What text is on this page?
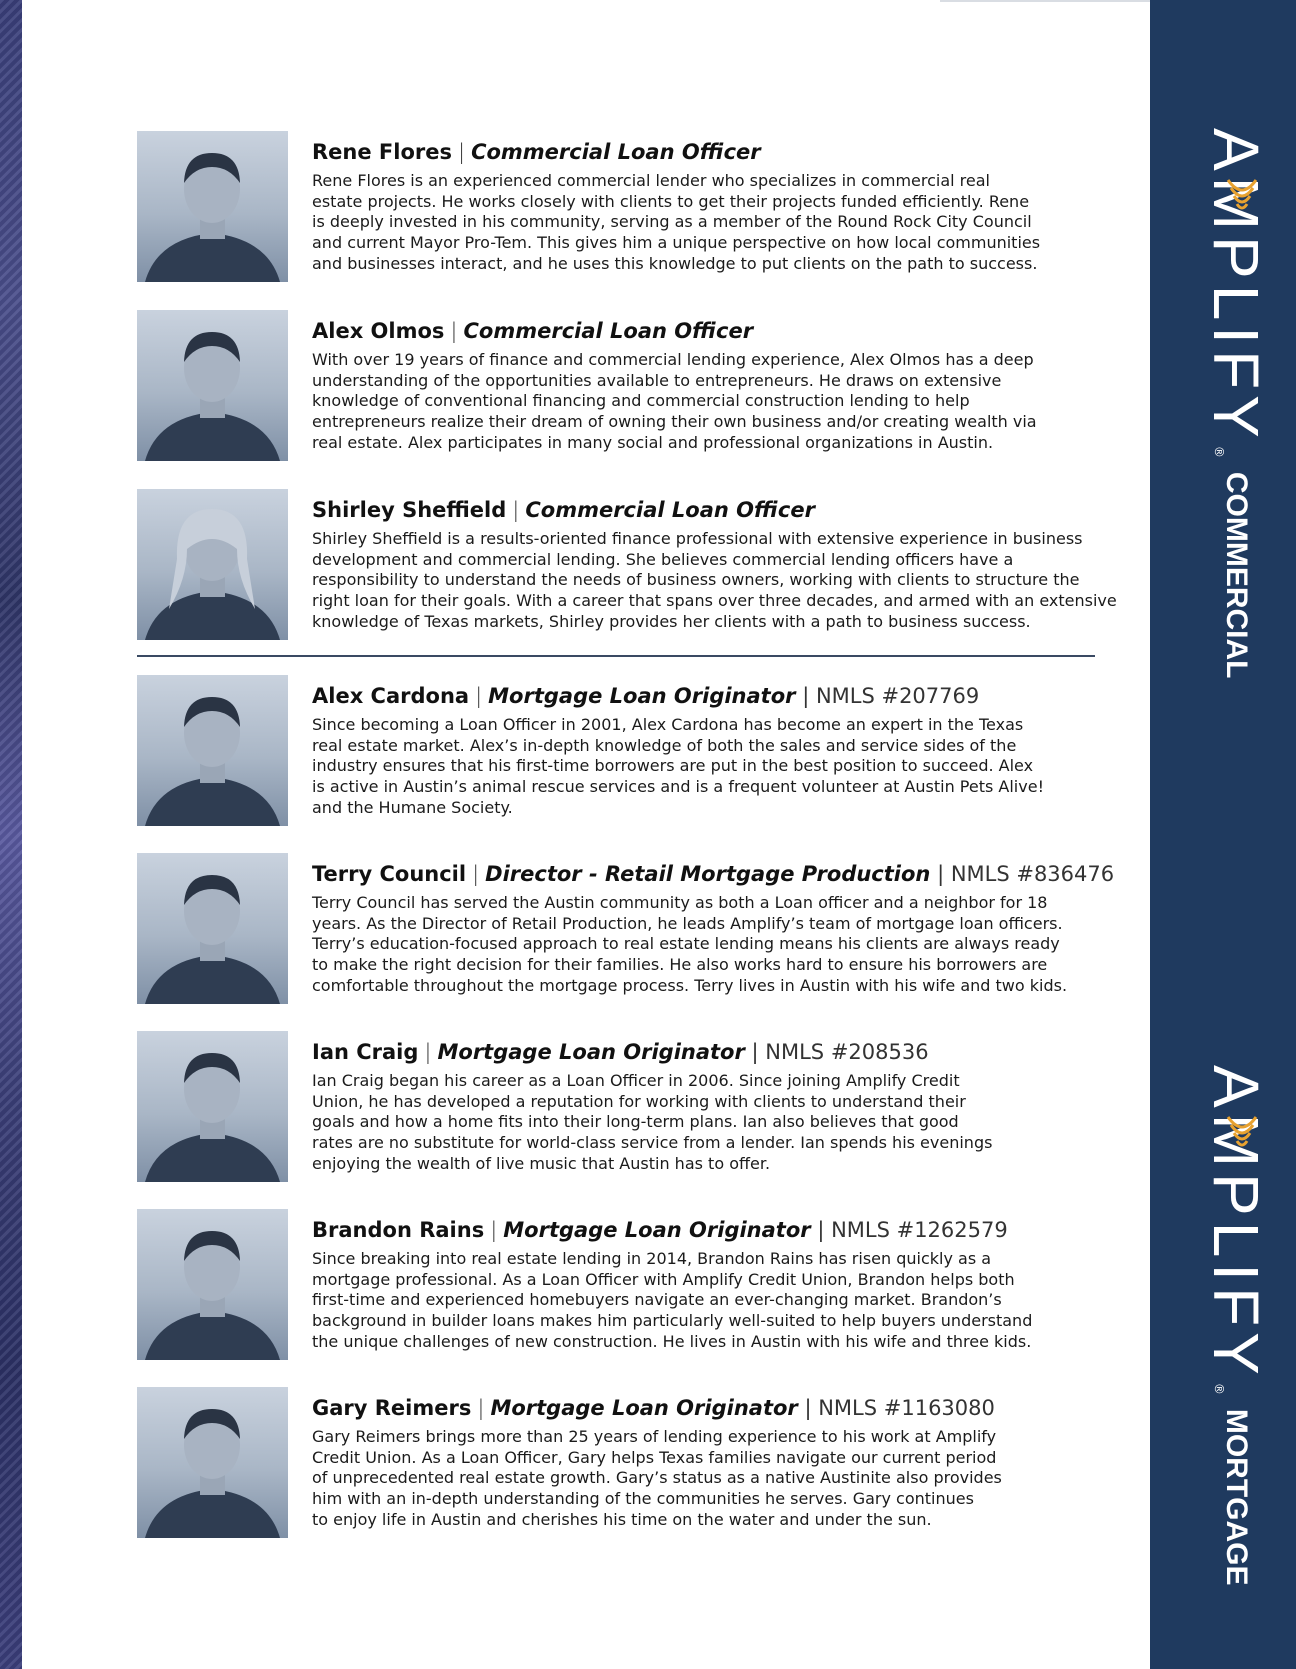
AMPLIFY
®
COMMERCIAL
AMPLIFY
®
MORTGAGE
Rene Flores | Commercial Loan Officer
Rene Flores is an experienced commercial lender who specializes in commercial real
estate projects. He works closely with clients to get their projects funded efficiently. Rene
is deeply invested in his community, serving as a member of the Round Rock City Council
and current Mayor Pro-Tem. This gives him a unique perspective on how local communities
and businesses interact, and he uses this knowledge to put clients on the path to success.
Alex Olmos | Commercial Loan Officer
With over 19 years of finance and commercial lending experience, Alex Olmos has a deep
understanding of the opportunities available to entrepreneurs. He draws on extensive
knowledge of conventional financing and commercial construction lending to help
entrepreneurs realize their dream of owning their own business and/or creating wealth via
real estate. Alex participates in many social and professional organizations in Austin.
Shirley Sheffield | Commercial Loan Officer
Shirley Sheffield is a results-oriented finance professional with extensive experience in business
development and commercial lending. She believes commercial lending officers have a
responsibility to understand the needs of business owners, working with clients to structure the
right loan for their goals. With a career that spans over three decades, and armed with an extensive
knowledge of Texas markets, Shirley provides her clients with a path to business success.
Alex Cardona | Mortgage Loan Originator | NMLS #207769
Since becoming a Loan Officer in 2001, Alex Cardona has become an expert in the Texas
real estate market. Alex’s in-depth knowledge of both the sales and service sides of the
industry ensures that his first-time borrowers are put in the best position to succeed. Alex
is active in Austin’s animal rescue services and is a frequent volunteer at Austin Pets Alive!
and the Humane Society.
Terry Council | Director - Retail Mortgage Production | NMLS #836476
Terry Council has served the Austin community as both a Loan officer and a neighbor for 18
years. As the Director of Retail Production, he leads Amplify’s team of mortgage loan officers.
Terry’s education-focused approach to real estate lending means his clients are always ready
to make the right decision for their families. He also works hard to ensure his borrowers are
comfortable throughout the mortgage process. Terry lives in Austin with his wife and two kids.
Ian Craig | Mortgage Loan Originator | NMLS #208536
Ian Craig began his career as a Loan Officer in 2006. Since joining Amplify Credit
Union, he has developed a reputation for working with clients to understand their
goals and how a home fits into their long-term plans. Ian also believes that good
rates are no substitute for world-class service from a lender. Ian spends his evenings
enjoying the wealth of live music that Austin has to offer.
Brandon Rains | Mortgage Loan Originator | NMLS #1262579
Since breaking into real estate lending in 2014, Brandon Rains has risen quickly as a
mortgage professional. As a Loan Officer with Amplify Credit Union, Brandon helps both
first-time and experienced homebuyers navigate an ever-changing market. Brandon’s
background in builder loans makes him particularly well-suited to help buyers understand
the unique challenges of new construction. He lives in Austin with his wife and three kids.
Gary Reimers | Mortgage Loan Originator | NMLS #1163080
Gary Reimers brings more than 25 years of lending experience to his work at Amplify
Credit Union. As a Loan Officer, Gary helps Texas families navigate our current period
of unprecedented real estate growth. Gary’s status as a native Austinite also provides
him with an in-depth understanding of the communities he serves. Gary continues
to enjoy life in Austin and cherishes his time on the water and under the sun.
